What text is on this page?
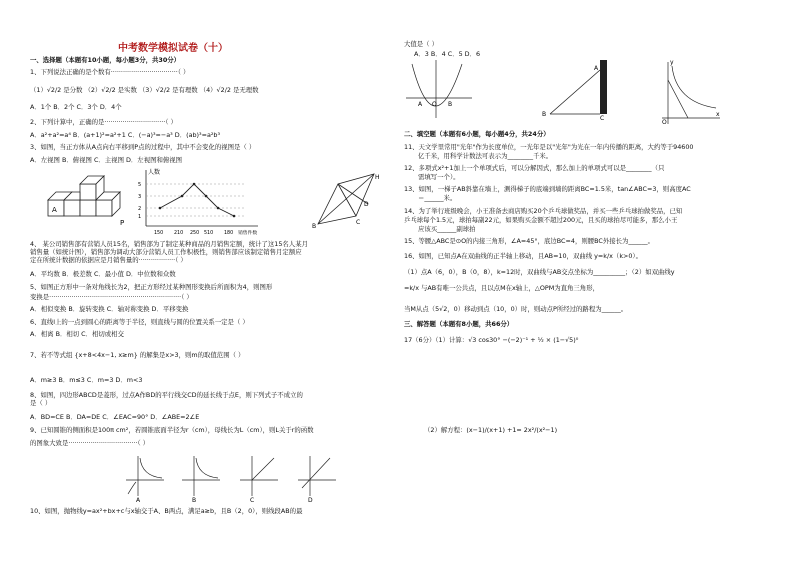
中考数学模拟试卷（十）
一、选择题（本题有10小题，每小题3分，共30分）
1、下列说法正确的是个数有·································（ ）
（1）√2/2 是分数 （2）√2/2 是实数 （3）√2/2 是有理数 （4）√2/2 是无理数
A．1个 B．2个 C．3个 D．4个
2、下列计算中，正确的是······························（ ）
A．a²+a²=a⁴ B．(a+1)²=a²+1 C．(−a)³=−a³ D．(ab)³=a²b³
3、如图，当正方体从A点向右平移到P点的过程中，其中不会变化的视图是（ ）
A．左视图 B．俯视图 C．主视图 D．左视图和俯视图
A
P
人数
5
3
2
1
150 210 250 510 180 销售件数
H
D
B
C
4、 某公司销售部有营销人员15名，销售部为了制定某种商品的月销售定额，统计了这15名人某月
销售量（如统计图），销售部为调动大部分营销人员工作积极性，则销售部应该制定销售月定额应
定在所统计数据的依据应是月销售量的··················（ ）
A．平均数 B．极差数 C．最小值 D．中位数和众数
5、如图正方形中一条对角线长为2，把正方形经过某种图形变换后所面积为4，则图形
变换是·································································（ ）
A．相似变换 B．旋转变换 C．轴对称变换 D．平移变换
6、直线l上的一点到圆心的距离等于半径，则直线与圆的位置关系一定是（ ）
A．相离 B．相切 C．相切或相交
7、若不等式组 {x+8<4x−1, x≥m} 的解集是x>3，则m的取值范围（ ）
A．m≥3 B．m≤3 C．m=3 D．m<3
8、如图，四边形ABCD是菱形，过点A作BD的平行线交CD的延长线于点E，则下列式子不成立的
是（ ）
A．BD=CE B．DA=DE C．∠EAC=90° D．∠ABE=2∠E
9、已知圆锥的侧面积是100π cm²，若圆锥底面半径为r（cm），母线长为L（cm），则L关于r的函数
的图象大致是··································（ ）
A	B	C	D
10、如图，抛物线y=ax²+bx+c与x轴交于A、B两点，满足a≥b，且B（2，0），则线段AB的最
大值是（ ）
A．3 B．4 C．5 D．6
A	B
O
A
B
C
y
x
O
二、填空题（本题有6小题，每小题4分，共24分）
11、天文学里常用"光年"作为长度单位，一光年是以"光年"为光在一年内传播的距离，大约等于94600
亿千米，用科学计数法可表示为________千米。
12、多项式x²+1加上一个单项式后，可以分解因式，那么加上的单项式可以是________（只
需填写一个）。
13、如图，一梯子AB斜靠在墙上，测得梯子的底端到墙的距离BC=1.5米，tan∠ABC=3，则高度AC
＝______米。
14、为了举行班级晚会，小王准备去商店购买20个乒乓球做奖品，并买一些乒乓球拍做奖品，已知
乒乓球每个1.5元，球拍每副22元，如果购买金额不超过200元，且买的球拍尽可能多，那么小王
应该买______副球拍
15、等腰△ABC是⊙O的内接三角形，∠A=45°，底边BC=4，则腰BC外接长为______。
16、如图，已知点A在双曲线的正半轴上移动，且AB=10，双曲线 y=k/x（k>0）。
（1）点A（6，0），B（0，8），k=12时，双曲线与AB交点坐标为__________；（2）如双曲线y
=k/x 与AB有唯一公共点，且以点M在x轴上，△OPM为直角三角形，
当M从点（5√2，0）移动到点（10，0）时，则动点P所经过的路程为______。
三、解答题（本题有8小题，共66分）
17（6分）（1）计算：√3 cos30° −(−2)⁻¹ + ½ × (1−√5)⁰
（2）解方程：(x−1)/(x+1) +1= 2x²/(x²−1)
